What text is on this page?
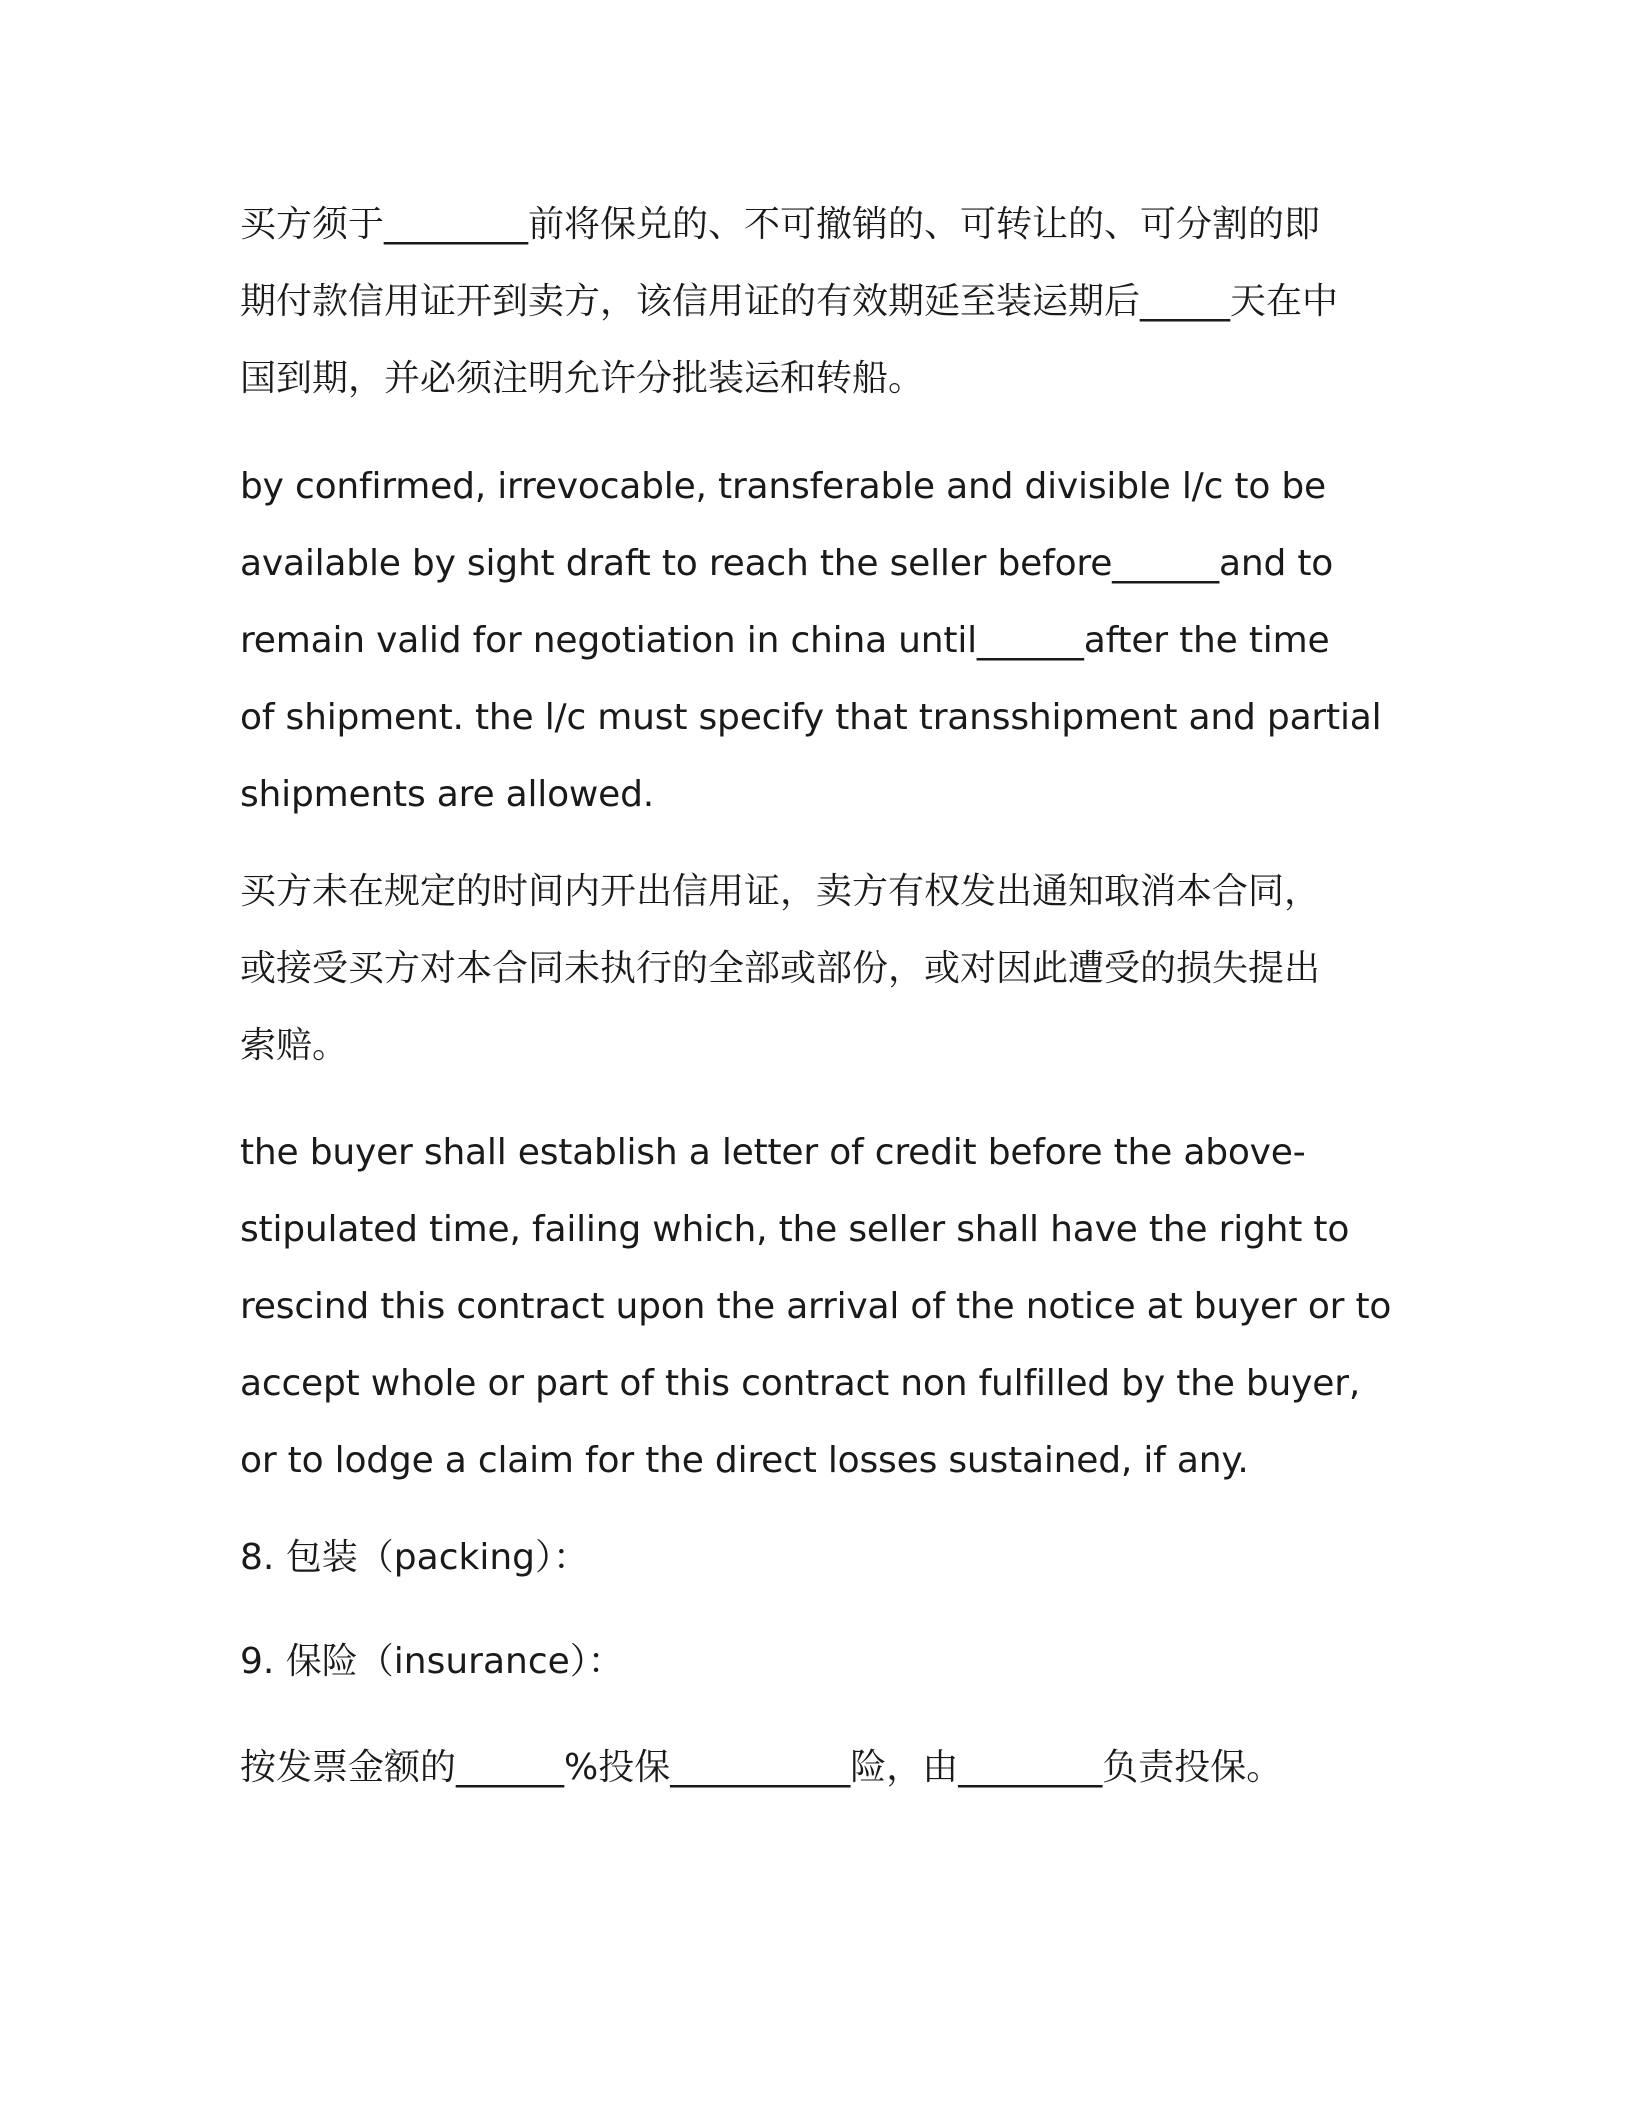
买方须于________前将保兑的、不可撤销的、可转让的、可分割的即
期付款信用证开到卖方，该信用证的有效期延至装运期后_____天在中
国到期，并必须注明允许分批装运和转船。

by confirmed, irrevocable, transferable and divisible l/c to be
available by sight draft to reach the seller before______and to
remain valid for negotiation in china until______after the time
of shipment. the l/c must specify that transshipment and partial
shipments are allowed.

买方未在规定的时间内开出信用证，卖方有权发出通知取消本合同，
或接受买方对本合同未执行的全部或部份，或对因此遭受的损失提出
索赔。

the buyer shall establish a letter of credit before the above-
stipulated time, failing which, the seller shall have the right to
rescind this contract upon the arrival of the notice at buyer or to
accept whole or part of this contract non fulfilled by the buyer,
or to lodge a claim for the direct losses sustained, if any.

8. 包装（packing）：

9. 保险（insurance）：

按发票金额的______%投保__________险，由________负责投保。
